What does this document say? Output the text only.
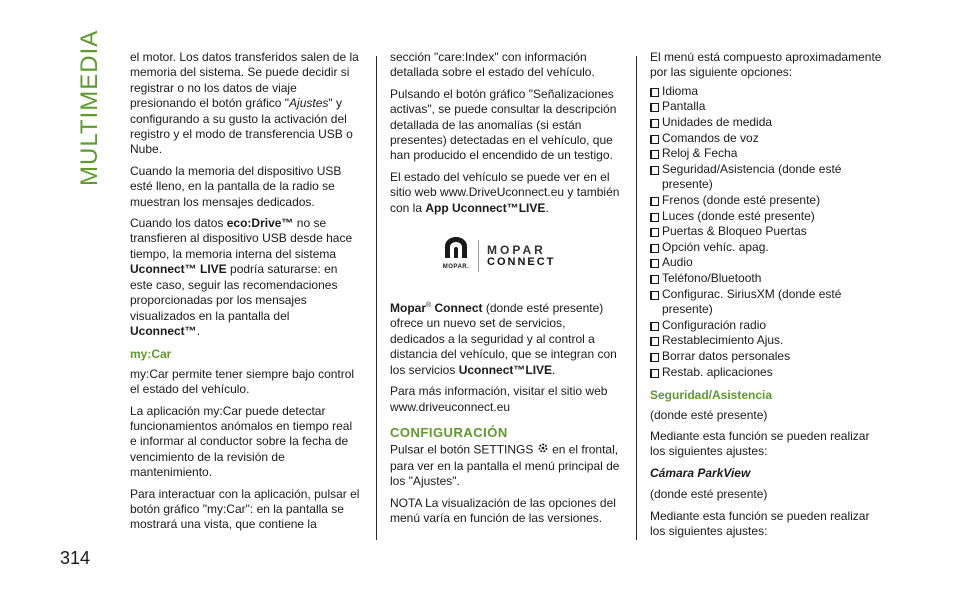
MULTIMEDIA
314

el motor. Los datos transferidos salen de la memoria del sistema. Se puede decidir si registrar o no los datos de viaje presionando el botón gráfico "Ajustes" y configurando a su gusto la activación del registro y el modo de transferencia USB o Nube.

Cuando la memoria del dispositivo USB esté lleno, en la pantalla de la radio se muestran los mensajes dedicados.

Cuando los datos eco:Drive™ no se transfieren al dispositivo USB desde hace tiempo, la memoria interna del sistema Uconnect™ LIVE podría saturarse: en este caso, seguir las recomendaciones proporcionadas por los mensajes visualizados en la pantalla del Uconnect™.

my:Car

my:Car permite tener siempre bajo control el estado del vehículo.

La aplicación my:Car puede detectar funcionamientos anómalos en tiempo real e informar al conductor sobre la fecha de vencimiento de la revisión de mantenimiento.

Para interactuar con la aplicación, pulsar el botón gráfico "my:Car": en la pantalla se mostrará una vista, que contiene la

sección "care:Index" con información detallada sobre el estado del vehículo.

Pulsando el botón gráfico "Señalizaciones activas", se puede consultar la descripción detallada de las anomalías (si están presentes) detectadas en el vehículo, que han producido el encendido de un testigo.

El estado del vehículo se puede ver en el sitio web www.DriveUconnect.eu y también con la App Uconnect™LIVE.

MOPAR.
MOPAR
CONNECT

Mopar® Connect (donde esté presente) ofrece un nuevo set de servicios, dedicados a la seguridad y al control a distancia del vehículo, que se integran con los servicios Uconnect™LIVE.

Para más información, visitar el sitio web www.driveuconnect.eu

CONFIGURACIÓN

Pulsar el botón SETTINGS  en el frontal, para ver en la pantalla el menú principal de los "Ajustes".

NOTA La visualización de las opciones del menú varía en función de las versiones.

El menú está compuesto aproximadamente por las siguiente opciones:

Idioma
Pantalla
Unidades de medida
Comandos de voz
Reloj & Fecha
Seguridad/Asistencia (donde esté presente)
Frenos (donde esté presente)
Luces (donde esté presente)
Puertas & Bloqueo Puertas
Opción vehíc. apag.
Audio
Teléfono/Bluetooth
Configurac. SiriusXM (donde esté presente)
Configuración radio
Restablecimiento Ajus.
Borrar datos personales
Restab. aplicaciones

Seguridad/Asistencia

(donde esté presente)

Mediante esta función se pueden realizar los siguientes ajustes:

Cámara ParkView

(donde esté presente)

Mediante esta función se pueden realizar los siguientes ajustes:
